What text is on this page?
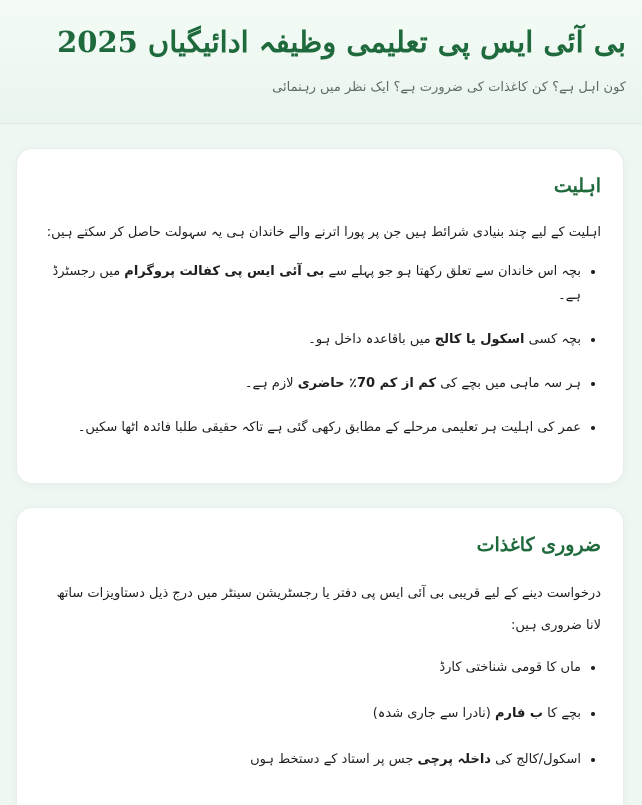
بی آئی ایس پی تعلیمی وظیفہ ادائیگیاں 2025
کون اہل ہے؟ کن کاغذات کی ضرورت ہے؟ ایک نظر میں رہنمائی
اہلیت

اہلیت کے لیے چند بنیادی شرائط ہیں جن پر پورا اترنے والے خاندان ہی یہ سہولت حاصل کر سکتے ہیں:

• بچہ اس خاندان سے تعلق رکھتا ہو جو پہلے سے بی آئی ایس پی کفالت پروگرام میں رجسٹرڈ ہے۔
• بچہ کسی اسکول یا کالج میں باقاعدہ داخل ہو۔
• ہر سہ ماہی میں بچے کی کم از کم 70٪ حاضری لازم ہے۔
• عمر کی اہلیت ہر تعلیمی مرحلے کے مطابق رکھی گئی ہے تاکہ حقیقی طلبا فائدہ اٹھا سکیں۔
ضروری کاغذات

درخواست دینے کے لیے قریبی بی آئی ایس پی دفتر یا رجسٹریشن سینٹر میں درج ذیل دستاویزات ساتھ لانا ضروری ہیں:

• ماں کا قومی شناختی کارڈ
• بچے کا ب فارم (نادرا سے جاری شدہ)
• اسکول/کالج کی داخلہ پرچی جس پر استاد کے دستخط ہوں
